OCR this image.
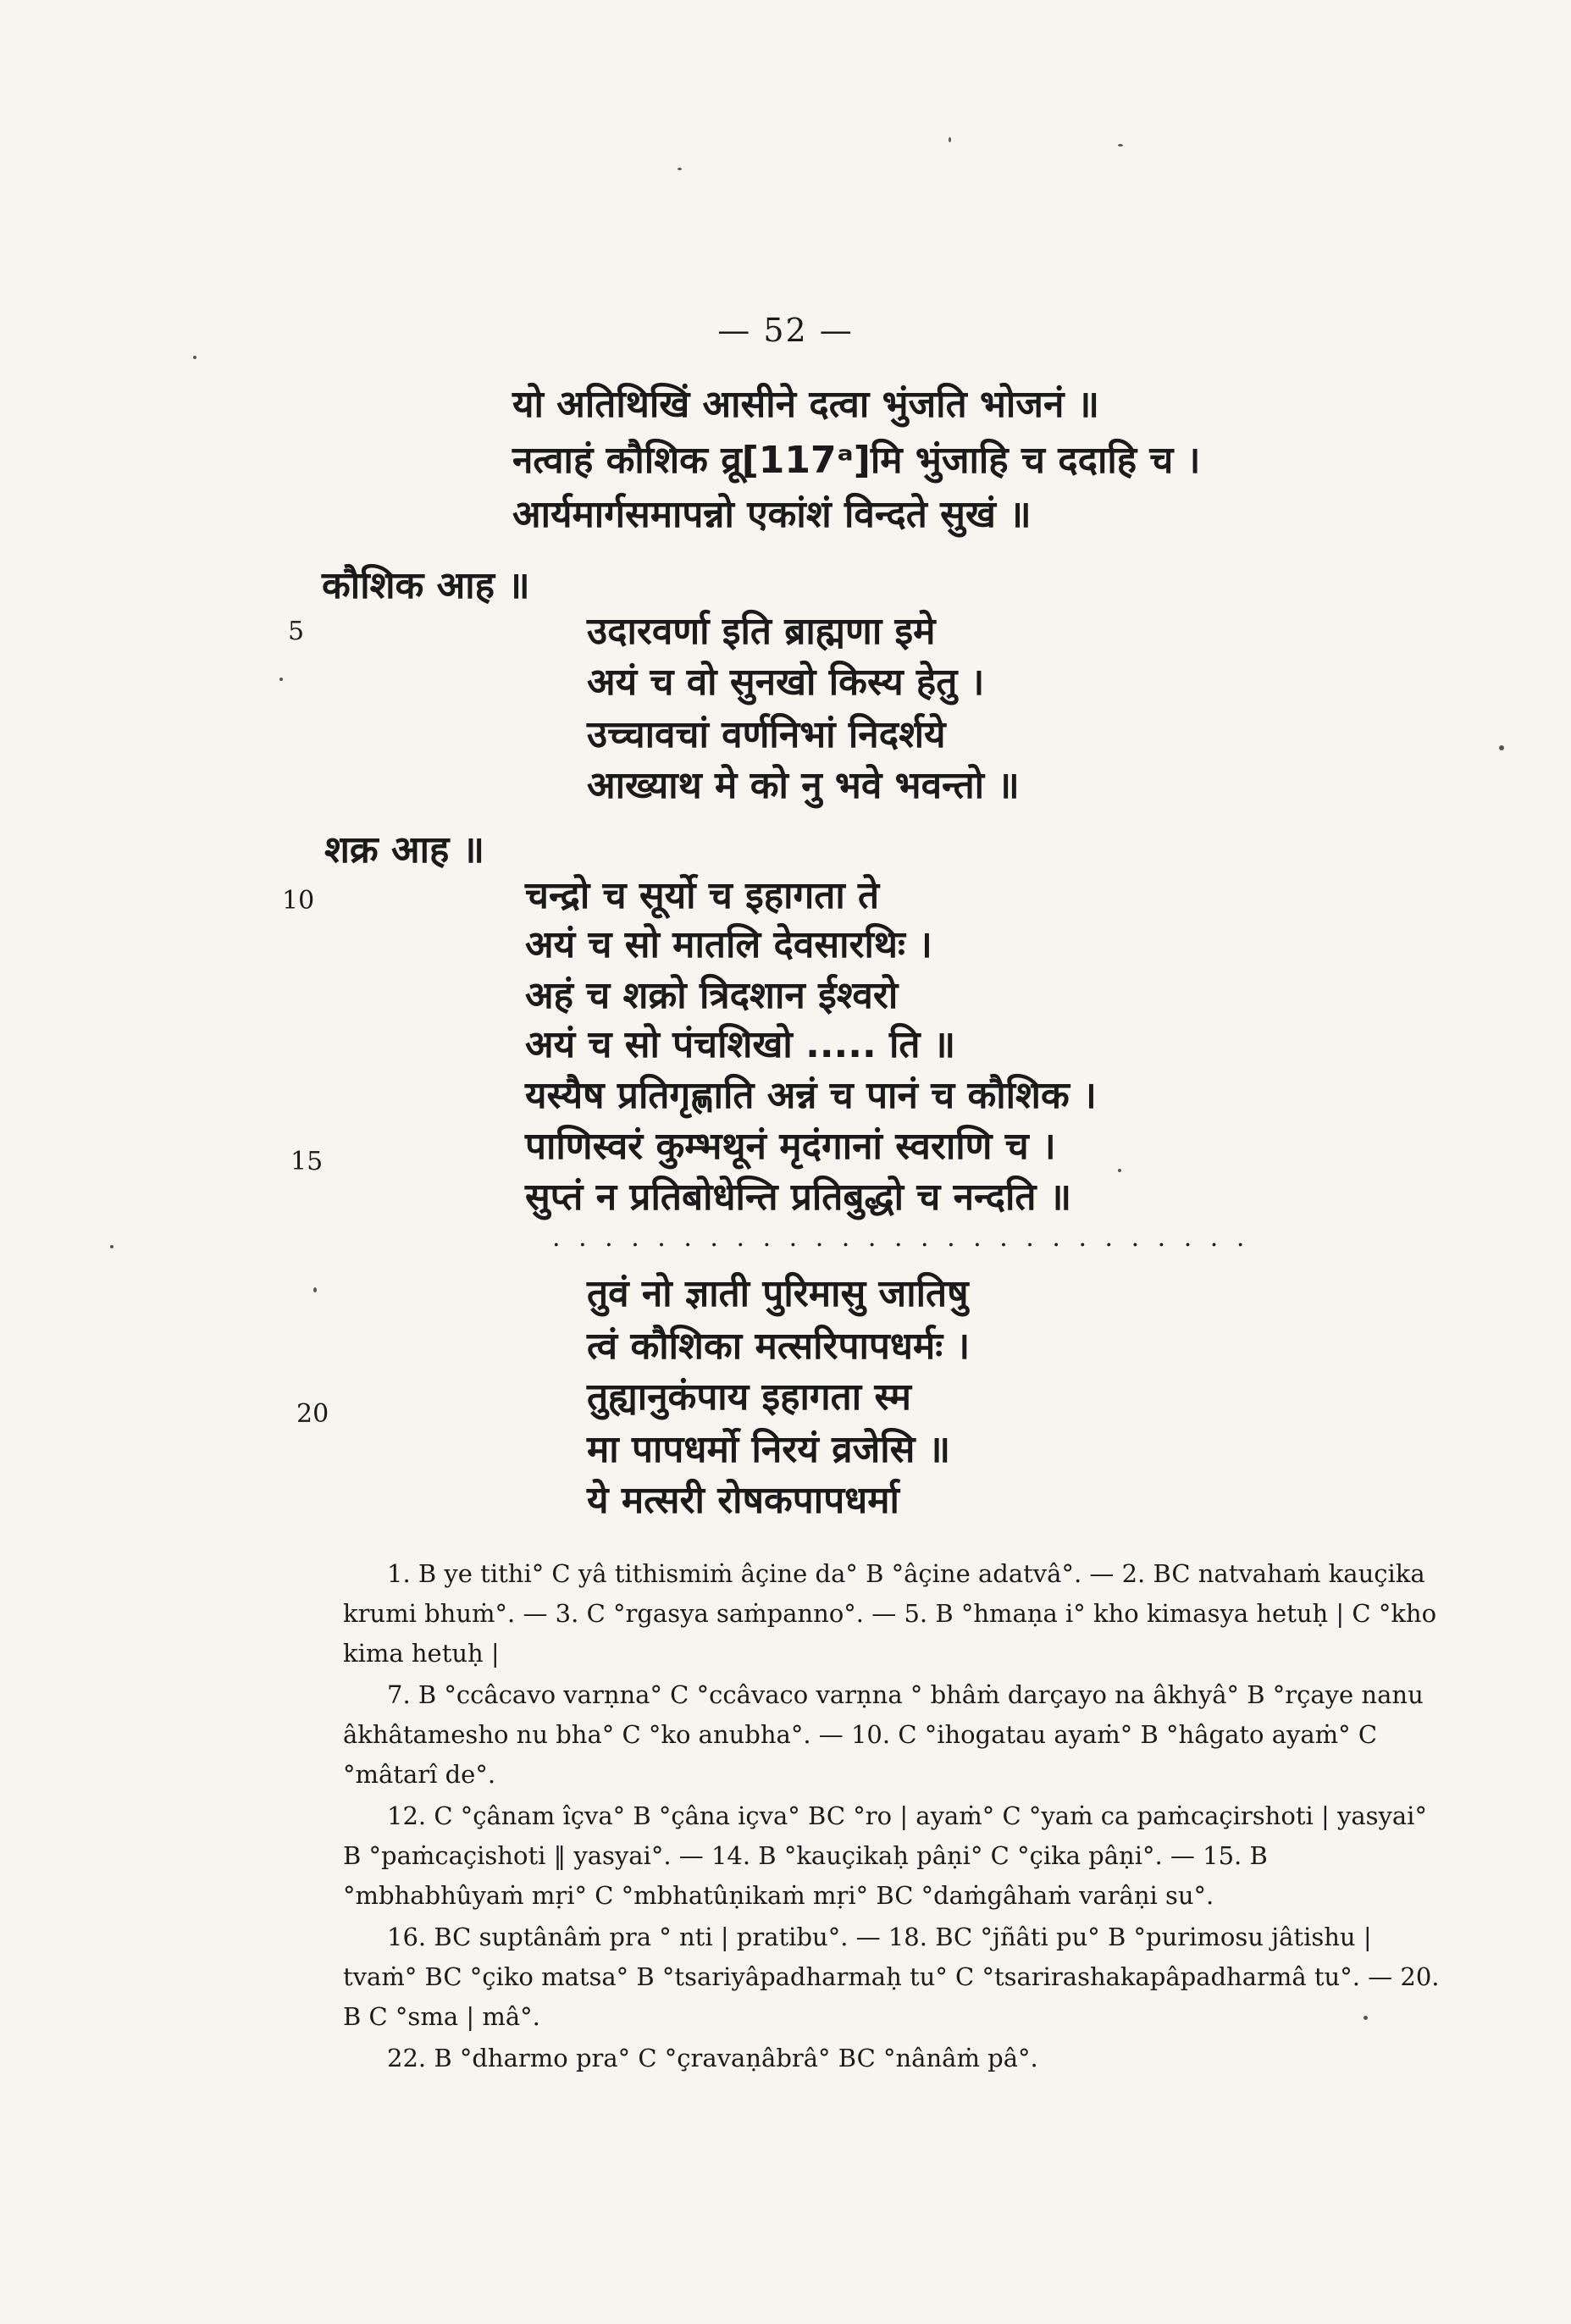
— 52 —
यो अतिथिखिं आसीने दत्वा भुंजति भोजनं ॥
नत्वाहं कौशिक व्रू[117ᵃ]मि भुंजाहि च ददाहि च ।
आर्यमार्गसमापन्नो एकांशं विन्दते सुखं ॥
कौशिक आह ॥
उदारवर्णा इति ब्राह्मणा इमे
अयं च वो सुनखो किस्य हेतु ।
उच्चावचां वर्णनिभां निदर्शये
आख्याथ मे को नु भवे भवन्तो ॥
शक्र आह ॥
चन्द्रो च सूर्यो च इहागता ते
अयं च सो मातलि देवसारथिः ।
अहं च शक्रो त्रिदशान ईश्वरो
अयं च सो पंचशिखो ..... ति ॥
यस्यैष प्रतिगृह्णाति अन्नं च पानं च कौशिक ।
पाणिस्वरं कुम्भथूनं मृदंगानां स्वराणि च ।
सुप्तं न प्रतिबोधेन्ति प्रतिबुद्धो च नन्दति ॥
. . . . . . . . . . . . . . . . . . . . . . . . . . .
तुवं नो ज्ञाती पुरिमासु जातिषु
त्वं कौशिका मत्सरिपापधर्मः ।
तुह्यानुकंपाय इहागता स्म
मा पापधर्मो निरयं व्रजेसि ॥
ये मत्सरी रोषकपापधर्मा
5
10
15
20

1. B ye tithi° C yâ tithismiṁ âçine da° B °âçine adatvâ°. — 2. BC natvahaṁ kauçika krumi bhuṁ°. — 3. C °rgasya saṁpanno°. — 5. B °hmaṇa i° kho kimasya hetuḥ | C °kho kima hetuḥ |

7. B °ccâcavo varṇna° C °ccâvaco varṇna ° bhâṁ darçayo na âkhyâ° B °rçaye nanu âkhâtamesho nu bha° C °ko anubha°. — 10. C °ihogatau ayaṁ° B °hâgato ayaṁ° C °mâtarî de°.

12. C °çânam îçva° B °çâna içva° BC °ro | ayaṁ° C °yaṁ ca paṁcaçirshoti | yasyai° B °paṁcaçishoti ‖ yasyai°. — 14. B °kauçikaḥ pâṇi° C °çika pâṇi°. — 15. B °mbhabhûyaṁ mṛi° C °mbhatûṇikaṁ mṛi° BC °daṁgâhaṁ varâṇi su°.

16. BC suptânâṁ pra ° nti | pratibu°. — 18. BC °jñâti pu° B °purimosu jâtishu | tvaṁ° BC °çiko matsa° B °tsariyâpadharmaḥ tu° C °tsarirashakapâpadharmâ tu°. — 20. B C °sma | mâ°.

22. B °dharmo pra° C °çravaṇâbrâ° BC °nânâṁ pâ°.
